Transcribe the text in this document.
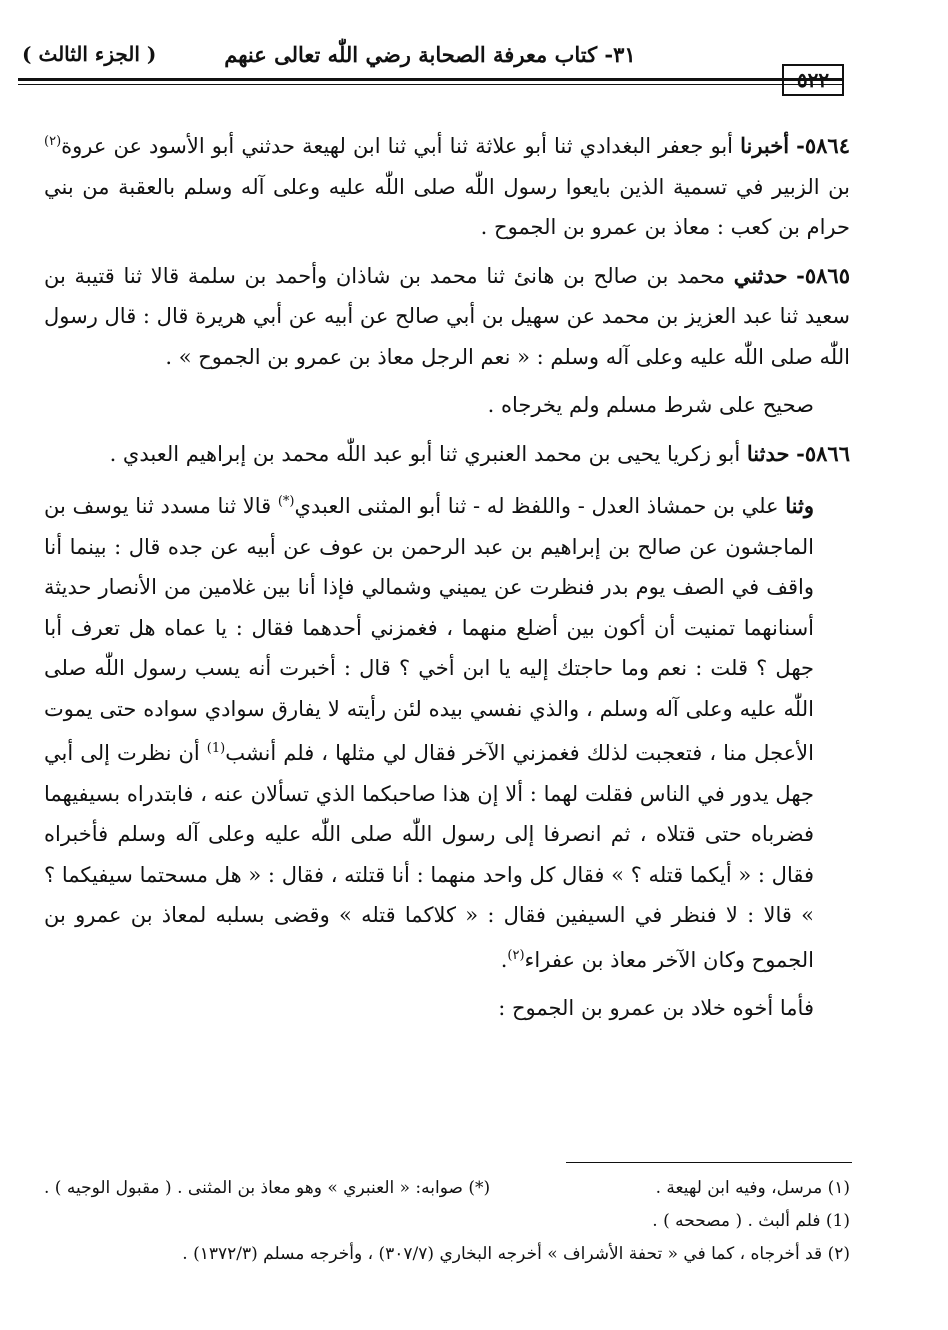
( الجزء الثالث )	٣١- كتاب معرفة الصحابة رضي اللّٰه تعالى عنهم
٥٢٢

٥٨٦٤- أخبرنا أبو جعفر البغدادي ثنا أبو علاثة ثنا أبي ثنا ابن لهيعة حدثني أبو الأسود عن عروة$^{(٢)}$ بن الزبير في تسمية الذين بايعوا رسول اللّٰه صلى اللّٰه عليه وعلى آله وسلم بالعقبة من بني حرام بن كعب : معاذ بن عمرو بن الجموح .

٥٨٦٥- حدثني محمد بن صالح بن هانئ ثنا محمد بن شاذان وأحمد بن سلمة قالا ثنا قتيبة بن سعيد ثنا عبد العزيز بن محمد عن سهيل بن أبي صالح عن أبيه عن أبي هريرة قال : قال رسول اللّٰه صلى اللّٰه عليه وعلى آله وسلم : « نعم الرجل معاذ بن عمرو بن الجموح » .

صحيح على شرط مسلم ولم يخرجاه .

٥٨٦٦- حدثنا أبو زكريا يحيى بن محمد العنبري ثنا أبو عبد اللّٰه محمد بن إبراهيم العبدي .

وثنا علي بن حمشاذ العدل - واللفظ له - ثنا أبو المثنى العبدي(*) قالا ثنا مسدد ثنا يوسف بن الماجشون عن صالح بن إبراهيم بن عبد الرحمن بن عوف عن أبيه عن جده قال : بينما أنا واقف في الصف يوم بدر فنظرت عن يميني وشمالي فإذا أنا بين غلامين من الأنصار حديثة أسنانهما تمنيت أن أكون بين أضلع منهما ، فغمزني أحدهما فقال : يا عماه هل تعرف أبا جهل ؟ قلت : نعم وما حاجتك إليه يا ابن أخي ؟ قال : أخبرت أنه يسب رسول اللّٰه صلى اللّٰه عليه وعلى آله وسلم ، والذي نفسي بيده لئن رأيته لا يفارق سوادي سواده حتى يموت الأعجل منا ، فتعجبت لذلك فغمزني الآخر فقال لي مثلها ، فلم أنشب$^{(1)}$ أن نظرت إلى أبي جهل يدور في الناس فقلت لهما : ألا إن هذا صاحبكما الذي تسألان عنه ، فابتدراه بسيفيهما فضرباه حتى قتلاه ، ثم انصرفا إلى رسول اللّٰه صلى اللّٰه عليه وعلى آله وسلم فأخبراه فقال : « أيكما قتله ؟ » فقال كل واحد منهما : أنا قتلته ، فقال : « هل مسحتما سيفيكما ؟ » قالا : لا فنظر في السيفين فقال : « كلاكما قتله » وقضى بسلبه لمعاذ بن عمرو بن الجموح وكان الآخر معاذ بن عفراء$^{(٢)}$.

فأما أخوه خلاد بن عمرو بن الجموح :

(١) مرسل، وفيه ابن لهيعة .
(*) صوابه: « العنبري » وهو معاذ بن المثنى . ( مقبول الوجيه ) .
(1) فلم ألبث . ( مصححه ) .
(٢) قد أخرجاه ، كما في « تحفة الأشراف » أخرجه البخاري (٣٠٧/٧) ، وأخرجه مسلم (١٣٧٢/٣) .
